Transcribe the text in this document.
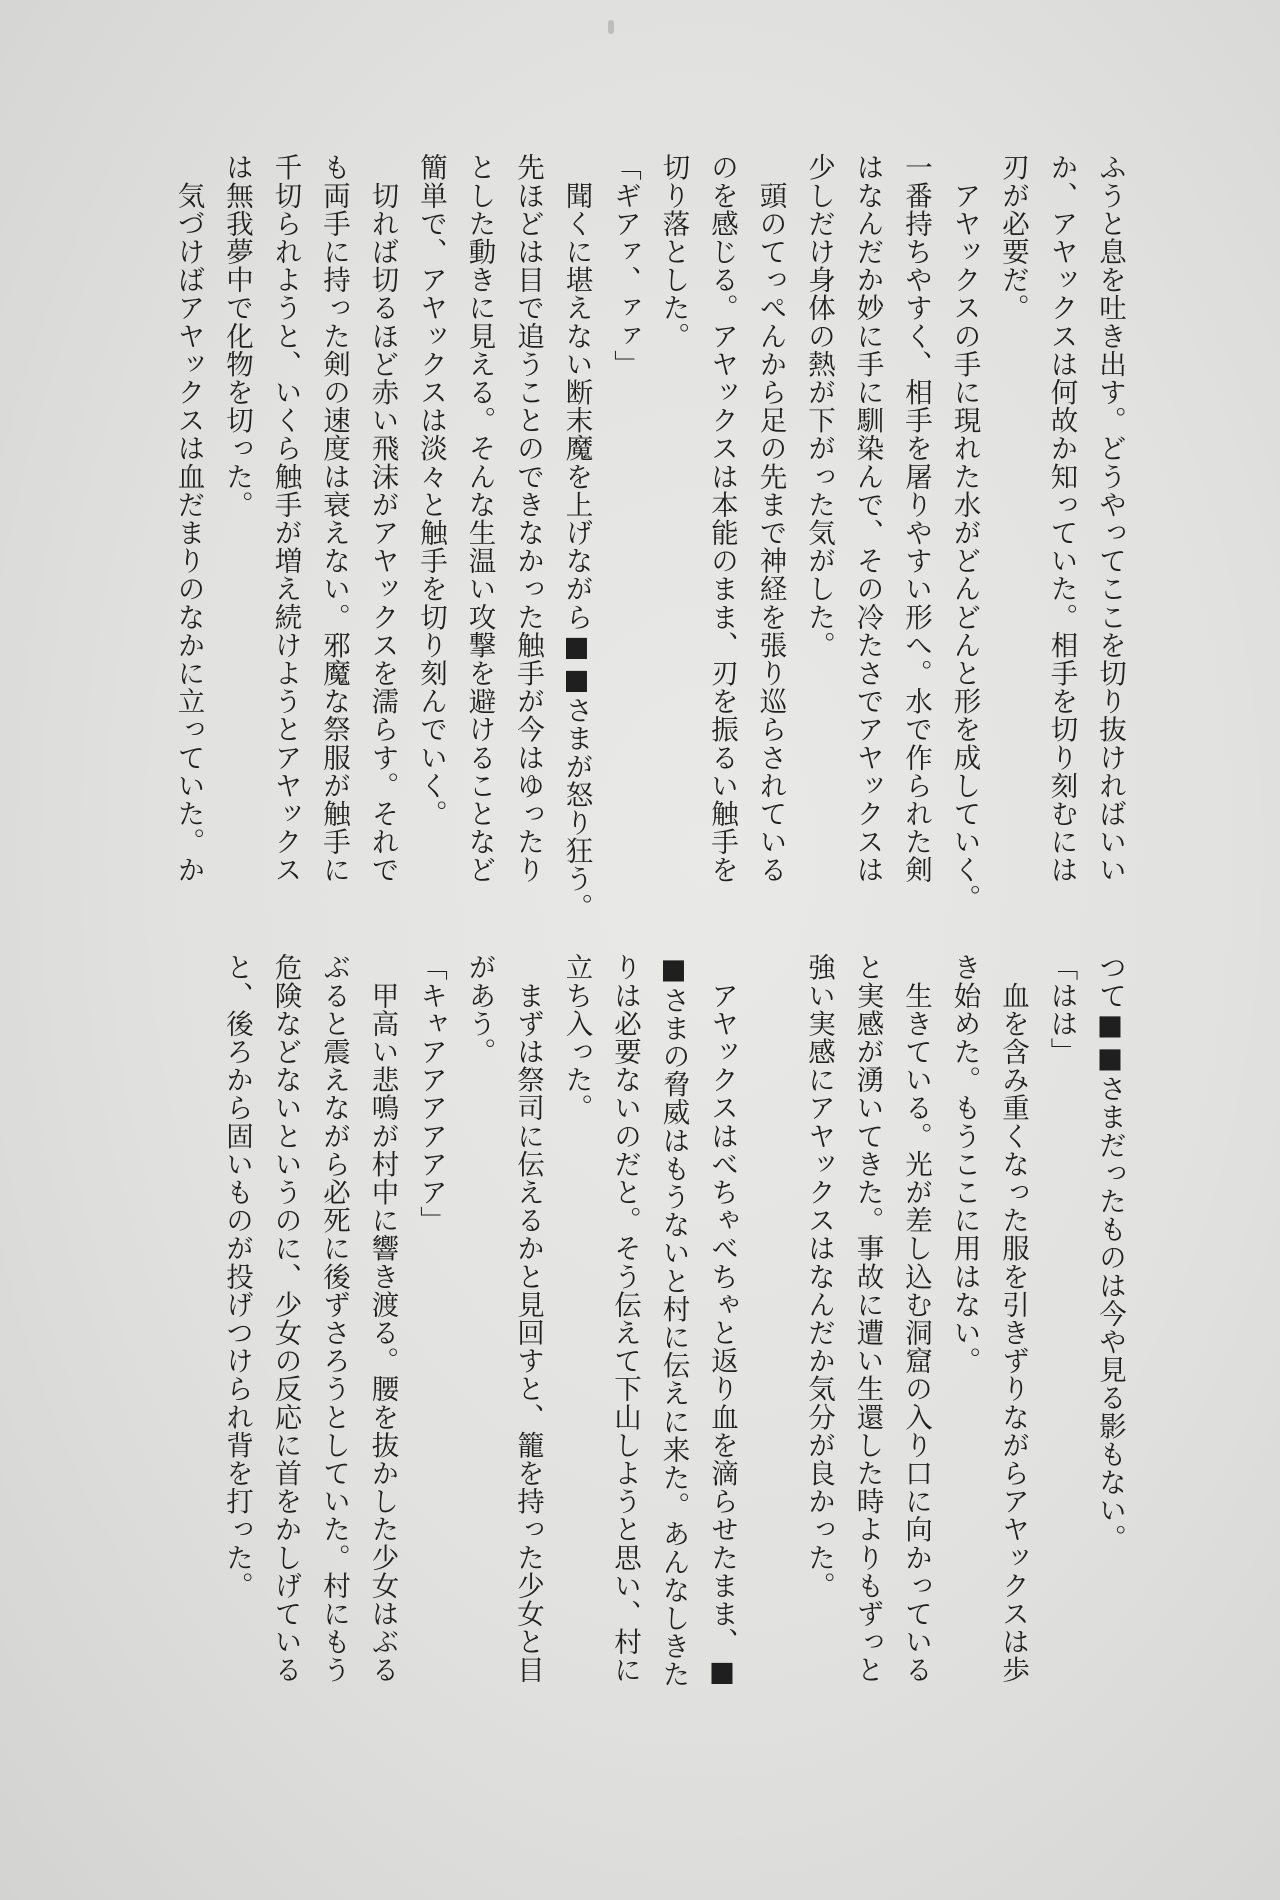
ふうと息を吐き出す。どうやってここを切り抜ければいい
か、アヤックスは何故か知っていた。相手を切り刻むには
刃が必要だ。
　アヤックスの手に現れた水がどんどんと形を成していく。
一番持ちやすく、相手を屠りやすい形へ。水で作られた剣
はなんだか妙に手に馴染んで、その冷たさでアヤックスは
少しだけ身体の熱が下がった気がした。
　頭のてっぺんから足の先まで神経を張り巡らされている
のを感じる。アヤックスは本能のまま、刃を振るい触手を
切り落とした。
「ギアァ、ァァ」
　聞くに堪えない断末魔を上げながら■■さまが怒り狂う。
先ほどは目で追うことのできなかった触手が今はゆったり
とした動きに見える。そんな生温い攻撃を避けることなど
簡単で、アヤックスは淡々と触手を切り刻んでいく。
　切れば切るほど赤い飛沫がアヤックスを濡らす。それで
も両手に持った剣の速度は衰えない。邪魔な祭服が触手に
千切られようと、いくら触手が増え続けようとアヤックス
は無我夢中で化物を切った。
　気づけばアヤックスは血だまりのなかに立っていた。か
つて■■さまだったものは今や見る影もない。
「はは」
　血を含み重くなった服を引きずりながらアヤックスは歩
き始めた。もうここに用はない。
　生きている。光が差し込む洞窟の入り口に向かっている
と実感が湧いてきた。事故に遭い生還した時よりもずっと
強い実感にアヤックスはなんだか気分が良かった。
　アヤックスはべちゃべちゃと返り血を滴らせたまま、■
■さまの脅威はもうないと村に伝えに来た。あんなしきた
りは必要ないのだと。そう伝えて下山しようと思い、村に
立ち入った。
　まずは祭司に伝えるかと見回すと、籠を持った少女と目
があう。
「キャアアアアアア」
　甲高い悲鳴が村中に響き渡る。腰を抜かした少女はぶる
ぶると震えながら必死に後ずさろうとしていた。村にもう
危険などないというのに、少女の反応に首をかしげている
と、後ろから固いものが投げつけられ背を打った。
